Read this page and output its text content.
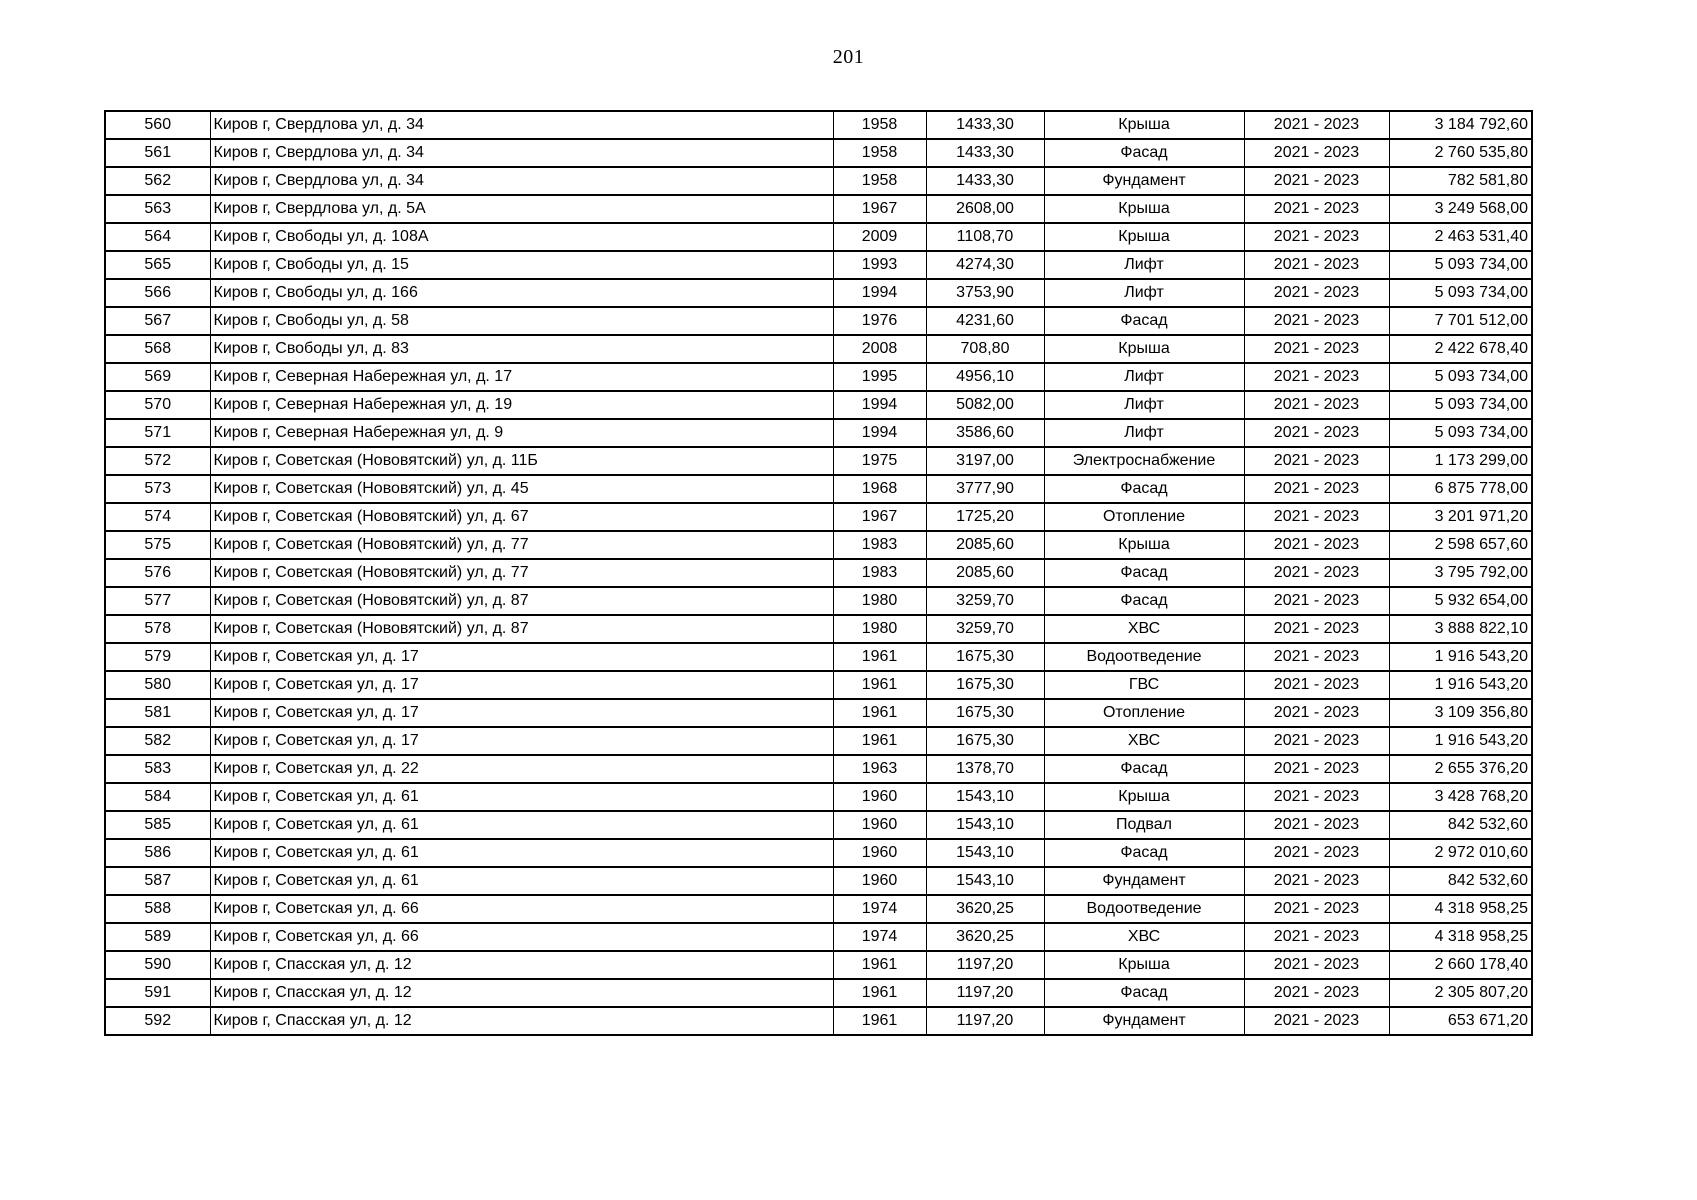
201
560	Киров г, Свердлова ул, д. 34	1958	1433,30	Крыша	2021 - 2023	3 184 792,60
561	Киров г, Свердлова ул, д. 34	1958	1433,30	Фасад	2021 - 2023	2 760 535,80
562	Киров г, Свердлова ул, д. 34	1958	1433,30	Фундамент	2021 - 2023	782 581,80
563	Киров г, Свердлова ул, д. 5А	1967	2608,00	Крыша	2021 - 2023	3 249 568,00
564	Киров г, Свободы ул, д. 108А	2009	1108,70	Крыша	2021 - 2023	2 463 531,40
565	Киров г, Свободы ул, д. 15	1993	4274,30	Лифт	2021 - 2023	5 093 734,00
566	Киров г, Свободы ул, д. 166	1994	3753,90	Лифт	2021 - 2023	5 093 734,00
567	Киров г, Свободы ул, д. 58	1976	4231,60	Фасад	2021 - 2023	7 701 512,00
568	Киров г, Свободы ул, д. 83	2008	708,80	Крыша	2021 - 2023	2 422 678,40
569	Киров г, Северная Набережная ул, д. 17	1995	4956,10	Лифт	2021 - 2023	5 093 734,00
570	Киров г, Северная Набережная ул, д. 19	1994	5082,00	Лифт	2021 - 2023	5 093 734,00
571	Киров г, Северная Набережная ул, д. 9	1994	3586,60	Лифт	2021 - 2023	5 093 734,00
572	Киров г, Советская (Нововятский) ул, д. 11Б	1975	3197,00	Электроснабжение	2021 - 2023	1 173 299,00
573	Киров г, Советская (Нововятский) ул, д. 45	1968	3777,90	Фасад	2021 - 2023	6 875 778,00
574	Киров г, Советская (Нововятский) ул, д. 67	1967	1725,20	Отопление	2021 - 2023	3 201 971,20
575	Киров г, Советская (Нововятский) ул, д. 77	1983	2085,60	Крыша	2021 - 2023	2 598 657,60
576	Киров г, Советская (Нововятский) ул, д. 77	1983	2085,60	Фасад	2021 - 2023	3 795 792,00
577	Киров г, Советская (Нововятский) ул, д. 87	1980	3259,70	Фасад	2021 - 2023	5 932 654,00
578	Киров г, Советская (Нововятский) ул, д. 87	1980	3259,70	ХВС	2021 - 2023	3 888 822,10
579	Киров г, Советская ул, д. 17	1961	1675,30	Водоотведение	2021 - 2023	1 916 543,20
580	Киров г, Советская ул, д. 17	1961	1675,30	ГВС	2021 - 2023	1 916 543,20
581	Киров г, Советская ул, д. 17	1961	1675,30	Отопление	2021 - 2023	3 109 356,80
582	Киров г, Советская ул, д. 17	1961	1675,30	ХВС	2021 - 2023	1 916 543,20
583	Киров г, Советская ул, д. 22	1963	1378,70	Фасад	2021 - 2023	2 655 376,20
584	Киров г, Советская ул, д. 61	1960	1543,10	Крыша	2021 - 2023	3 428 768,20
585	Киров г, Советская ул, д. 61	1960	1543,10	Подвал	2021 - 2023	842 532,60
586	Киров г, Советская ул, д. 61	1960	1543,10	Фасад	2021 - 2023	2 972 010,60
587	Киров г, Советская ул, д. 61	1960	1543,10	Фундамент	2021 - 2023	842 532,60
588	Киров г, Советская ул, д. 66	1974	3620,25	Водоотведение	2021 - 2023	4 318 958,25
589	Киров г, Советская ул, д. 66	1974	3620,25	ХВС	2021 - 2023	4 318 958,25
590	Киров г, Спасская ул, д. 12	1961	1197,20	Крыша	2021 - 2023	2 660 178,40
591	Киров г, Спасская ул, д. 12	1961	1197,20	Фасад	2021 - 2023	2 305 807,20
592	Киров г, Спасская ул, д. 12	1961	1197,20	Фундамент	2021 - 2023	653 671,20
